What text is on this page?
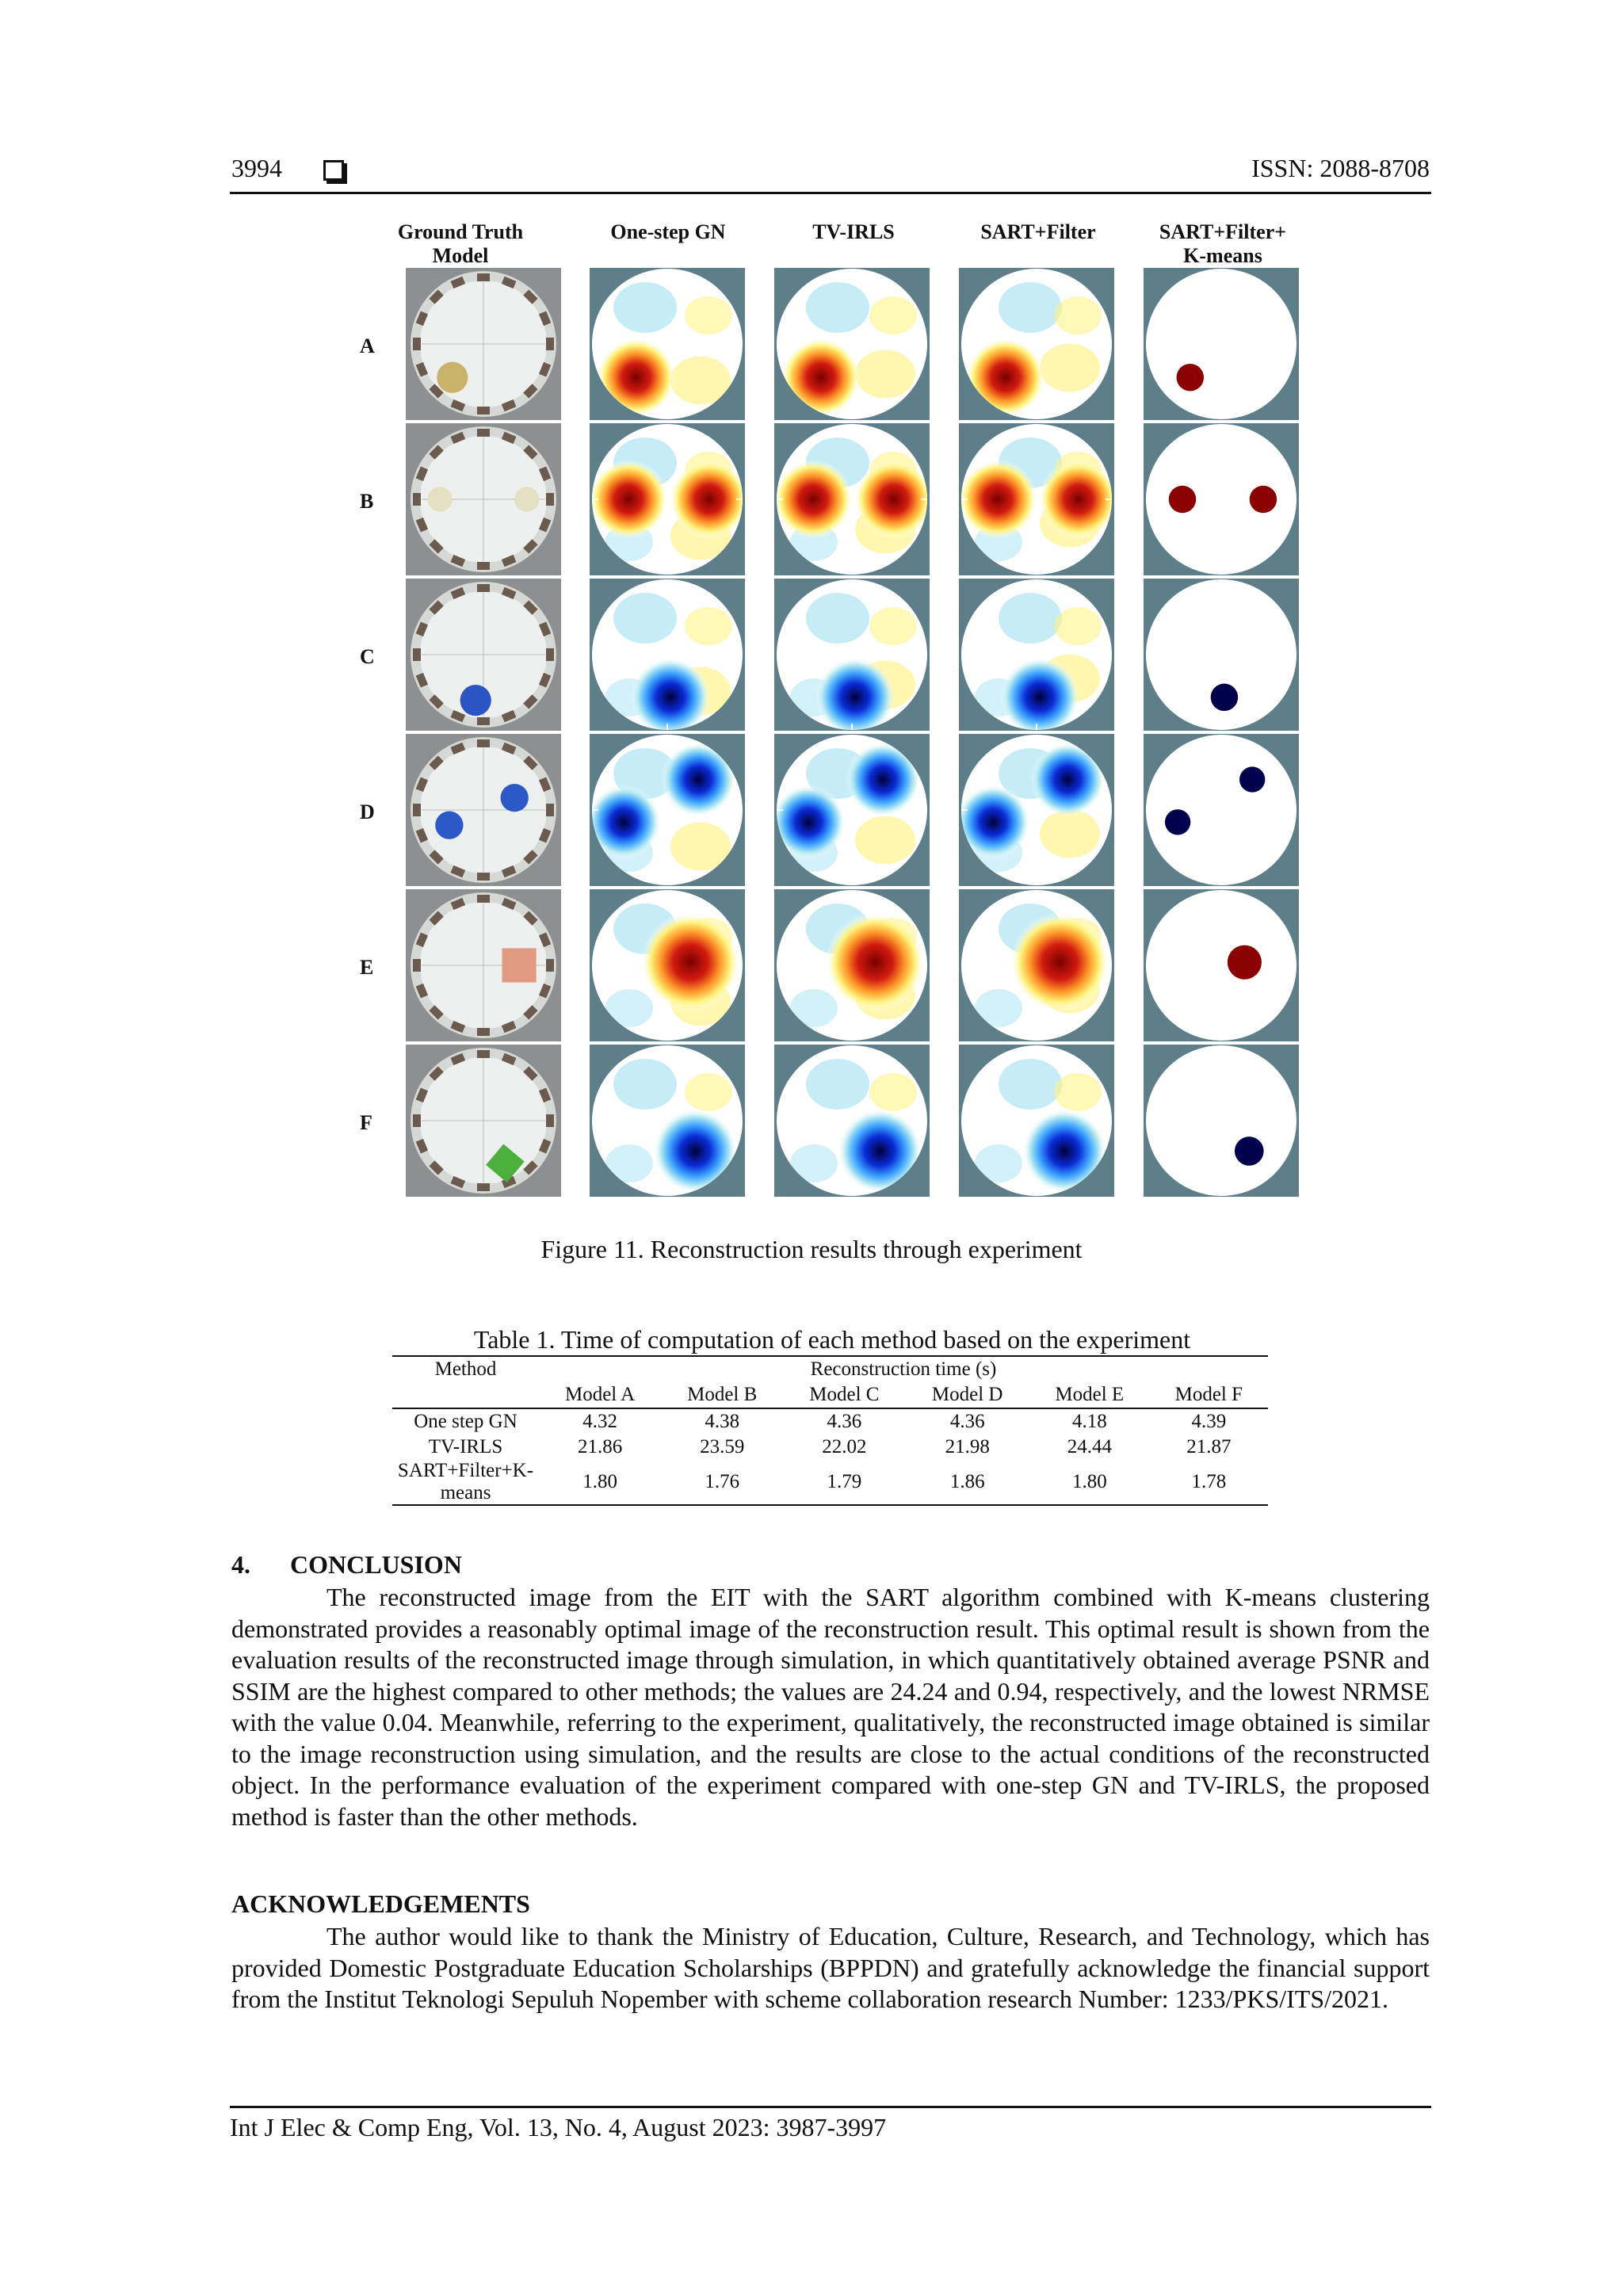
3994	ISSN: 2088-8708
Ground Truth Model
One-step GN	TV-IRLS	SART+Filter	SART+Filter+
K-means
A
B
C
D
E
F
Figure 11. Reconstruction results through experiment
Table 1. Time of computation of each method based on the experiment
Method	Reconstruction time (s)					
	Model A	Model B	Model C	Model D	Model E	Model F
One step GN	4.32	4.38	4.36	4.36	4.18	4.39
TV-IRLS	21.86	23.59	22.02	21.98	24.44	21.87
SART+Filter+K-means	1.80	1.76	1.79	1.86	1.80	1.78
4. CONCLUSION
The reconstructed image from the EIT with the SART algorithm combined with K-means clustering demonstrated provides a reasonably optimal image of the reconstruction result. This optimal result is shown from the evaluation results of the reconstructed image through simulation, in which quantitatively obtained average PSNR and SSIM are the highest compared to other methods; the values are 24.24 and 0.94, respectively, and the lowest NRMSE with the value 0.04. Meanwhile, referring to the experiment, qualitatively, the reconstructed image obtained is similar to the image reconstruction using simulation, and the results are close to the actual conditions of the reconstructed object. In the performance evaluation of the experiment compared with one-step GN and TV-IRLS, the proposed method is faster than the other methods.
ACKNOWLEDGEMENTS
The author would like to thank the Ministry of Education, Culture, Research, and Technology, which has provided Domestic Postgraduate Education Scholarships (BPPDN) and gratefully acknowledge the financial support from the Institut Teknologi Sepuluh Nopember with scheme collaboration research Number: 1233/PKS/ITS/2021.
Int J Elec & Comp Eng, Vol. 13, No. 4, August 2023: 3987-3997
